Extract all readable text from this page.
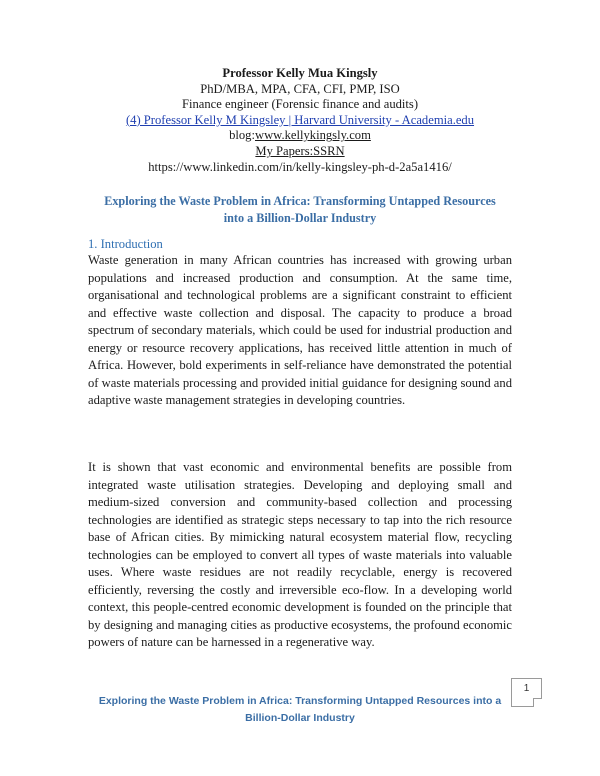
Professor Kelly Mua Kingsly
PhD/MBA, MPA, CFA, CFI, PMP, ISO
Finance engineer (Forensic finance and audits)
(4) Professor Kelly M Kingsley | Harvard University - Academia.edu
blog:www.kellykingsly.com
My Papers:SSRN
https://www.linkedin.com/in/kelly-kingsley-ph-d-2a5a1416/
Exploring the Waste Problem in Africa: Transforming Untapped Resources
into a Billion-Dollar Industry
1. Introduction
Waste generation in many African countries has increased with growing urban populations and increased production and consumption. At the same time, organisational and technological problems are a significant constraint to efficient and effective waste collection and disposal. The capacity to produce a broad spectrum of secondary materials, which could be used for industrial production and energy or resource recovery applications, has received little attention in much of Africa. However, bold experiments in self-reliance have demonstrated the potential of waste materials processing and provided initial guidance for designing sound and adaptive waste management strategies in developing countries.
It is shown that vast economic and environmental benefits are possible from integrated waste utilisation strategies. Developing and deploying small and medium-sized conversion and community-based collection and processing technologies are identified as strategic steps necessary to tap into the rich resource base of African cities. By mimicking natural ecosystem material flow, recycling technologies can be employed to convert all types of waste materials into valuable uses. Where waste residues are not readily recyclable, energy is recovered efficiently, reversing the costly and irreversible eco-flow. In a developing world context, this people-centred economic development is founded on the principle that by designing and managing cities as productive ecosystems, the profound economic powers of nature can be harnessed in a regenerative way.
1
Exploring the Waste Problem in Africa: Transforming Untapped Resources into a
Billion-Dollar Industry
